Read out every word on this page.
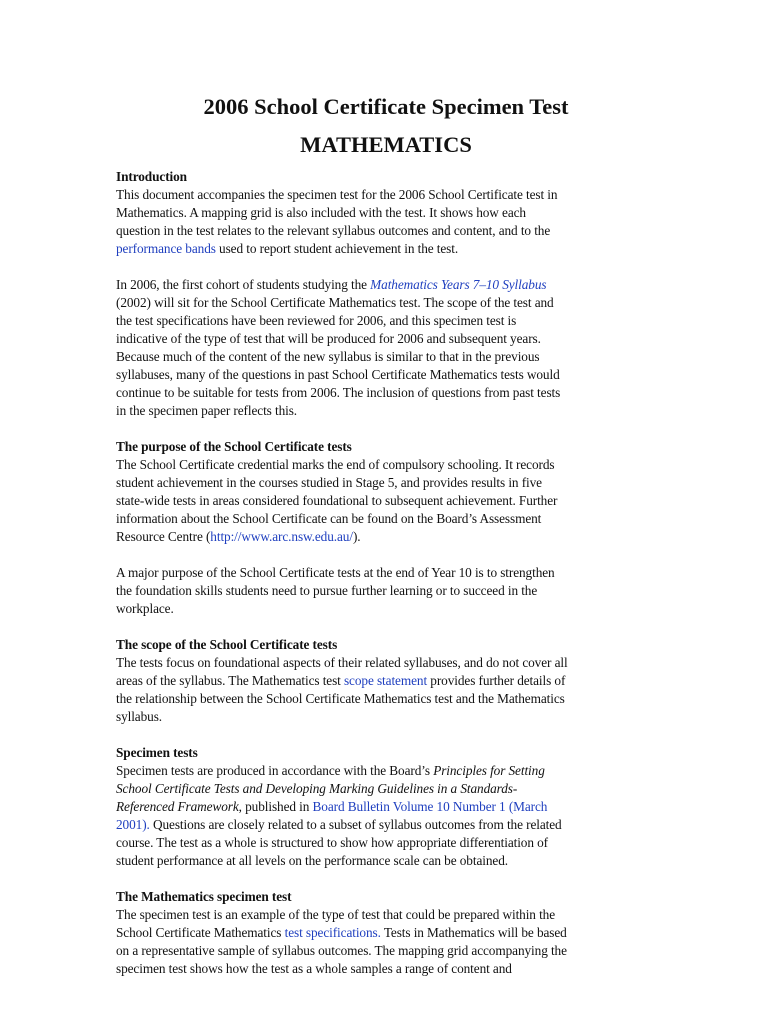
2006 School Certificate Specimen Test
MATHEMATICS
Introduction

This document accompanies the specimen test for the 2006 School Certificate test in
Mathematics. A mapping grid is also included with the test. It shows how each
question in the test relates to the relevant syllabus outcomes and content, and to the
performance bands used to report student achievement in the test.

In 2006, the first cohort of students studying the Mathematics Years 7–10 Syllabus
(2002) will sit for the School Certificate Mathematics test. The scope of the test and
the test specifications have been reviewed for 2006, and this specimen test is
indicative of the type of test that will be produced for 2006 and subsequent years.
Because much of the content of the new syllabus is similar to that in the previous
syllabuses, many of the questions in past School Certificate Mathematics tests would
continue to be suitable for tests from 2006. The inclusion of questions from past tests
in the specimen paper reflects this.

The purpose of the School Certificate tests

The School Certificate credential marks the end of compulsory schooling. It records
student achievement in the courses studied in Stage 5, and provides results in five
state-wide tests in areas considered foundational to subsequent achievement. Further
information about the School Certificate can be found on the Board’s Assessment
Resource Centre (http://www.arc.nsw.edu.au/).

A major purpose of the School Certificate tests at the end of Year 10 is to strengthen
the foundation skills students need to pursue further learning or to succeed in the
workplace.

The scope of the School Certificate tests

The tests focus on foundational aspects of their related syllabuses, and do not cover all
areas of the syllabus. The Mathematics test scope statement provides further details of
the relationship between the School Certificate Mathematics test and the Mathematics
syllabus.

Specimen tests

Specimen tests are produced in accordance with the Board’s Principles for Setting
School Certificate Tests and Developing Marking Guidelines in a Standards-
Referenced Framework, published in Board Bulletin Volume 10 Number 1 (March
2001). Questions are closely related to a subset of syllabus outcomes from the related
course. The test as a whole is structured to show how appropriate differentiation of
student performance at all levels on the performance scale can be obtained.

The Mathematics specimen test

The specimen test is an example of the type of test that could be prepared within the
School Certificate Mathematics test specifications. Tests in Mathematics will be based
on a representative sample of syllabus outcomes. The mapping grid accompanying the
specimen test shows how the test as a whole samples a range of content and
